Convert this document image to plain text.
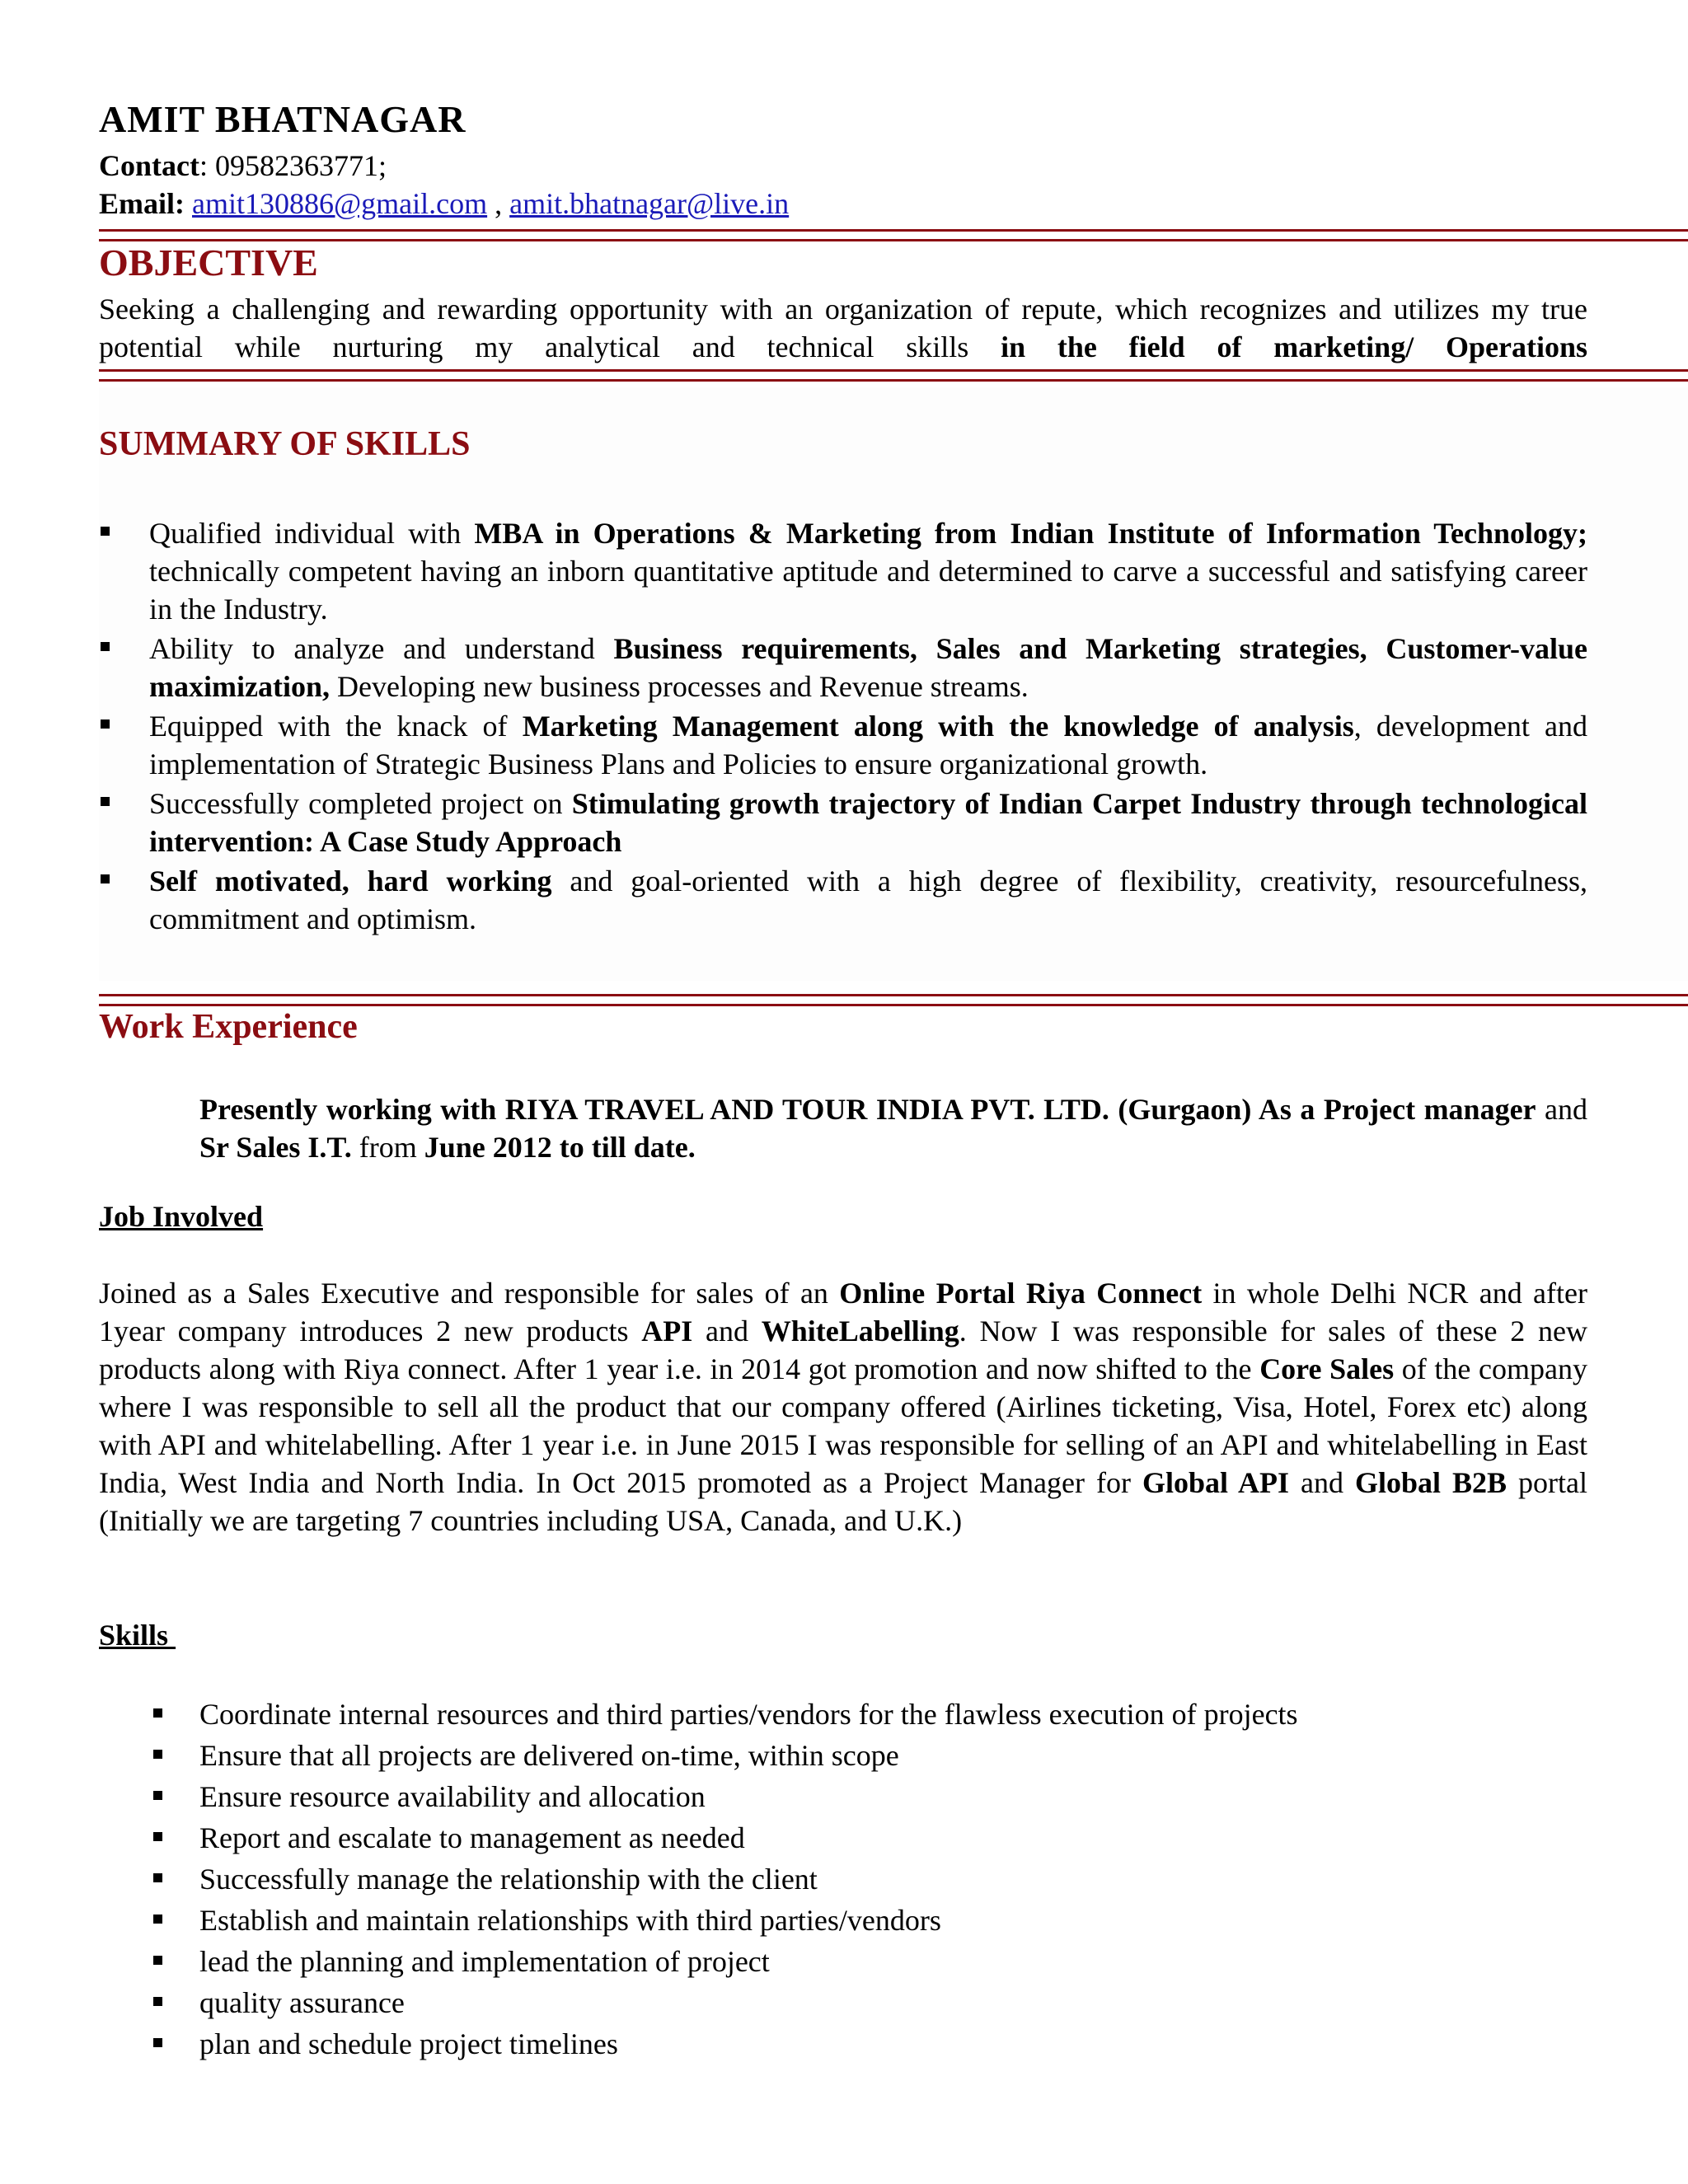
AMIT BHATNAGAR
Contact: 09582363771;
Email: amit130886@gmail.com , amit.bhatnagar@live.in
OBJECTIVE
Seeking a challenging and rewarding opportunity with an organization of repute, which recognizes and utilizes my true potential while nurturing my analytical and technical skills in the field of marketing/ Operations
SUMMARY OF SKILLS
Qualified individual with MBA in Operations & Marketing from Indian Institute of Information Technology; technically competent having an inborn quantitative aptitude and determined to carve a successful and satisfying career in the Industry.
Ability to analyze and understand Business requirements, Sales and Marketing strategies, Customer-value maximization, Developing new business processes and Revenue streams.
Equipped with the knack of Marketing Management along with the knowledge of analysis, development and implementation of Strategic Business Plans and Policies to ensure organizational growth.
Successfully completed project on Stimulating growth trajectory of Indian Carpet Industry through technological intervention: A Case Study Approach
Self motivated, hard working and goal-oriented with a high degree of flexibility, creativity, resourcefulness, commitment and optimism.
Work Experience
Presently working with RIYA TRAVEL AND TOUR INDIA PVT. LTD. (Gurgaon) As a Project manager and Sr Sales I.T. from June 2012 to till date.
Job Involved
Joined as a Sales Executive and responsible for sales of an Online Portal Riya Connect in whole Delhi NCR and after 1year company introduces 2 new products API and WhiteLabelling. Now I was responsible for sales of these 2 new products along with Riya connect. After 1 year i.e. in 2014 got promotion and now shifted to the Core Sales of the company where I was responsible to sell all the product that our company offered (Airlines ticketing, Visa, Hotel, Forex etc) along with API and whitelabelling. After 1 year i.e. in June 2015 I was responsible for selling of an API and whitelabelling in East India, West India and North India. In Oct 2015 promoted as a Project Manager for Global API and Global B2B portal (Initially we are targeting 7 countries including USA, Canada, and U.K.)
Skills
Coordinate internal resources and third parties/vendors for the flawless execution of projects
Ensure that all projects are delivered on-time, within scope
Ensure resource availability and allocation
Report and escalate to management as needed
Successfully manage the relationship with the client
Establish and maintain relationships with third parties/vendors
lead the planning and implementation of project
quality assurance
plan and schedule project timelines
